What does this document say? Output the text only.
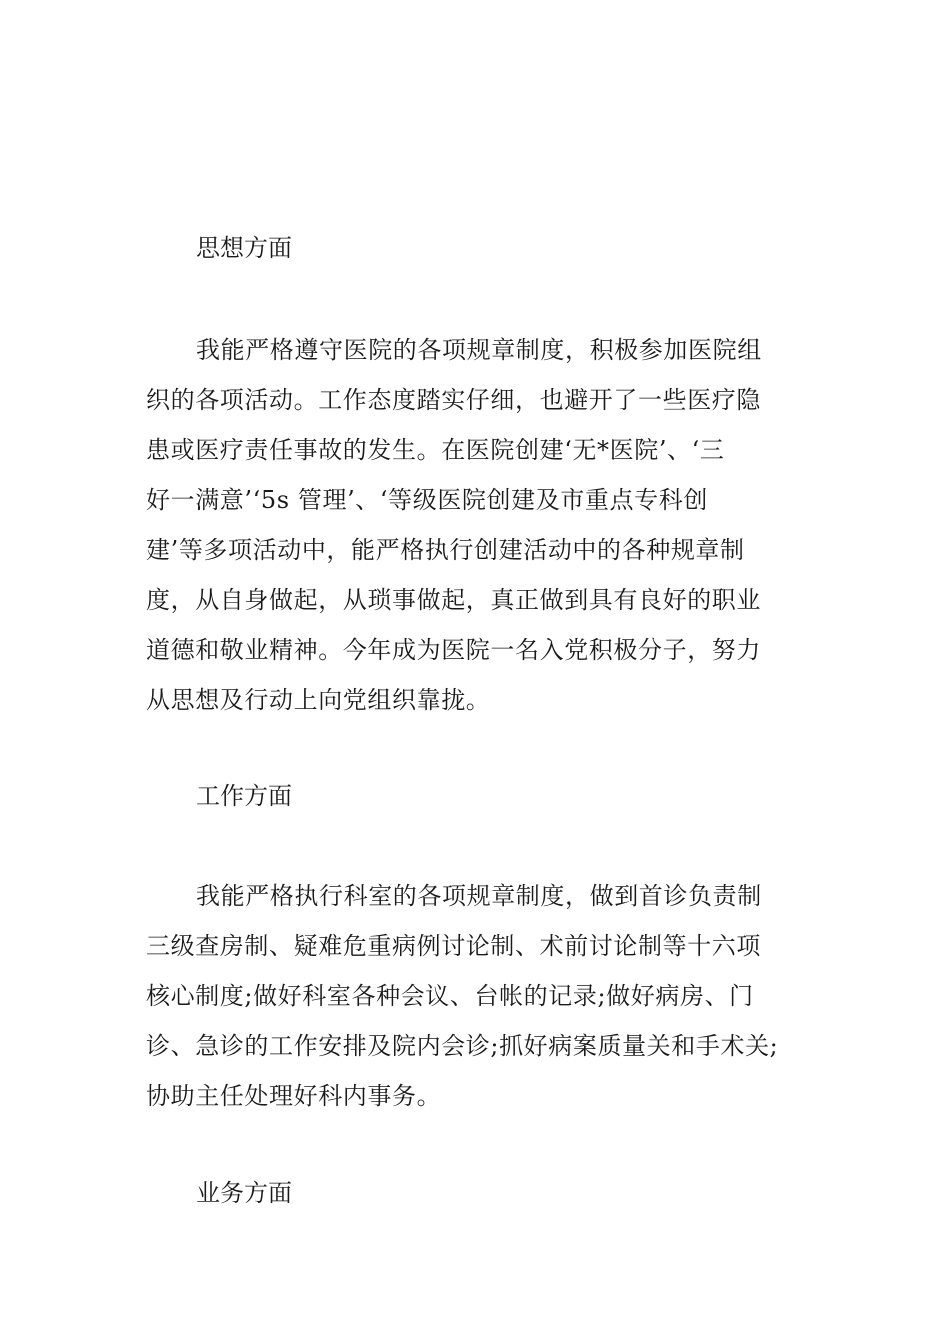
思想方面
我能严格遵守医院的各项规章制度，积极参加医院组
织的各项活动。工作态度踏实仔细，也避开了一些医疗隐
患或医疗责任事故的发生。在医院创建‘无*医院’、‘三
好一满意’‘5s 管理’、‘等级医院创建及市重点专科创
建’等多项活动中，能严格执行创建活动中的各种规章制
度，从自身做起，从琐事做起，真正做到具有良好的职业
道德和敬业精神。今年成为医院一名入党积极分子，努力
从思想及行动上向党组织靠拢。
工作方面
我能严格执行科室的各项规章制度，做到首诊负责制
三级查房制、疑难危重病例讨论制、术前讨论制等十六项
核心制度;做好科室各种会议、台帐的记录;做好病房、门
诊、急诊的工作安排及院内会诊;抓好病案质量关和手术关;
协助主任处理好科内事务。
业务方面
